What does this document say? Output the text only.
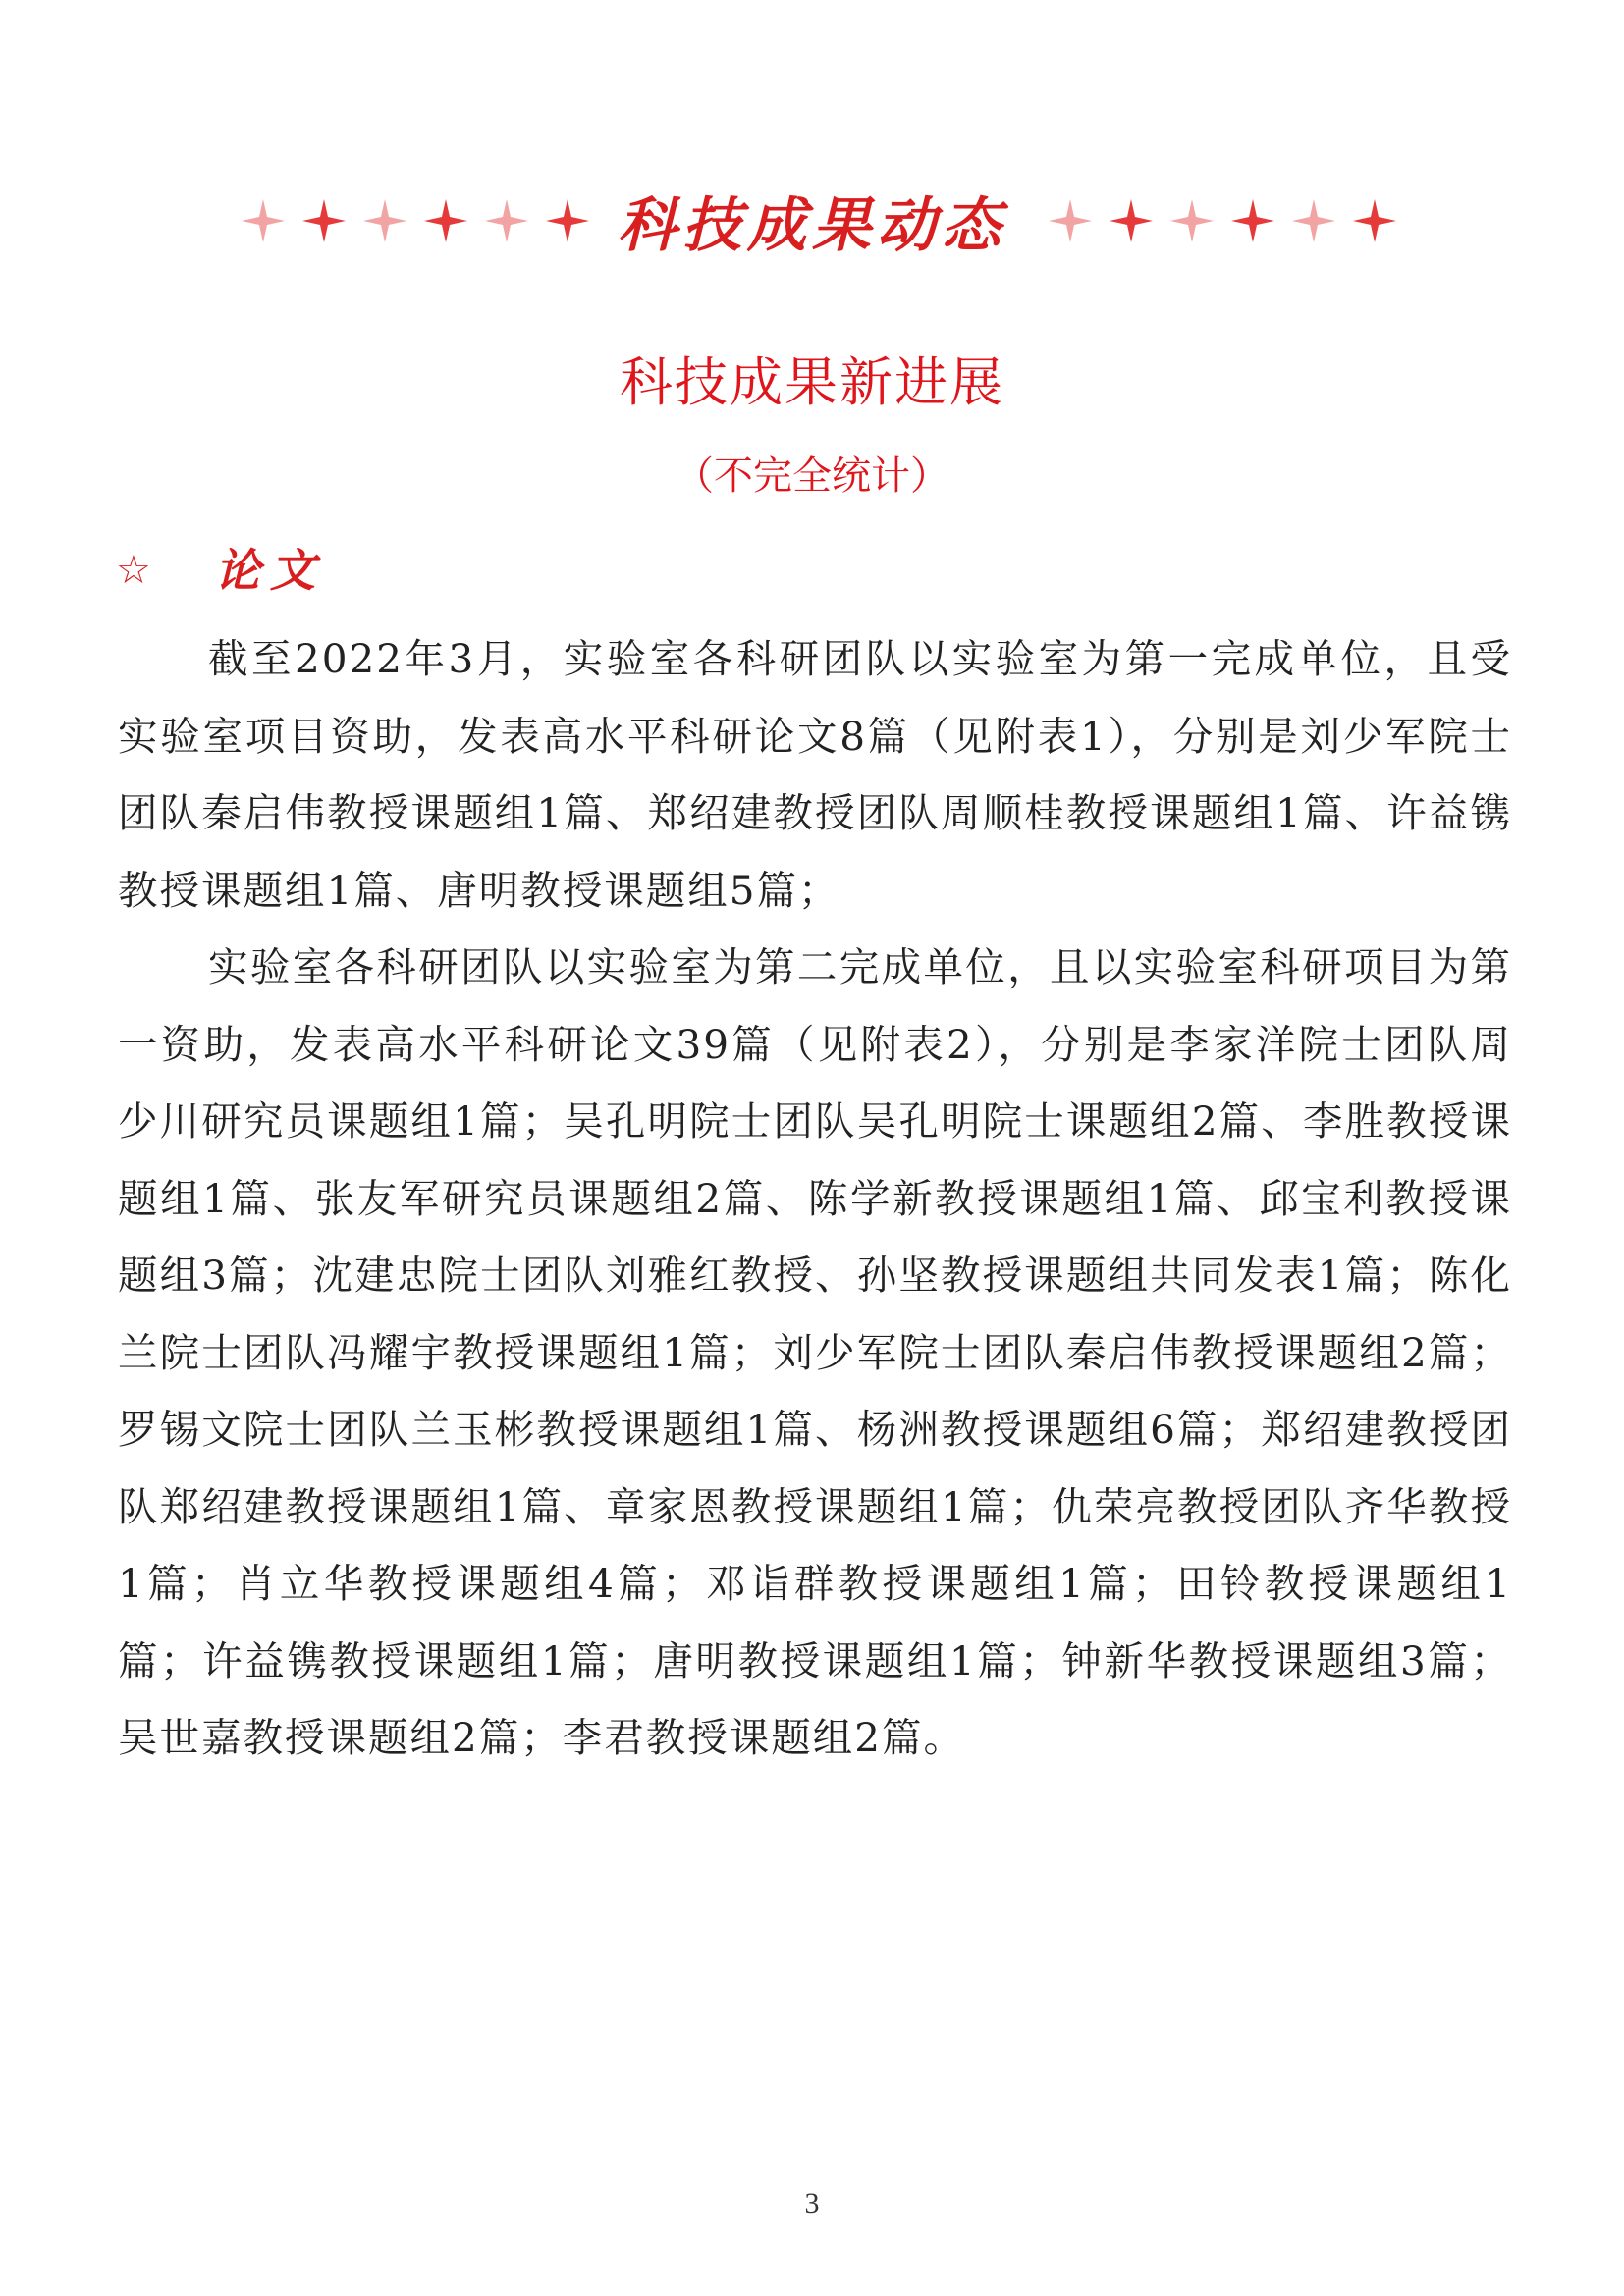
科技成果动态
科技成果新进展
（不完全统计）
☆ 论文

截至2022年3月，实验室各科研团队以实验室为第一完成单位，且受实验室项目资助，发表高水平科研论文8篇（见附表1），分别是刘少军院士团队秦启伟教授课题组1篇、郑绍建教授团队周顺桂教授课题组1篇、许益镌教授课题组1篇、唐明教授课题组5篇；

实验室各科研团队以实验室为第二完成单位，且以实验室科研项目为第一资助，发表高水平科研论文39篇（见附表2），分别是李家洋院士团队周少川研究员课题组1篇；吴孔明院士团队吴孔明院士课题组2篇、李胜教授课题组1篇、张友军研究员课题组2篇、陈学新教授课题组1篇、邱宝利教授课题组3篇；沈建忠院士团队刘雅红教授、孙坚教授课题组共同发表1篇；陈化兰院士团队冯耀宇教授课题组1篇；刘少军院士团队秦启伟教授课题组2篇；罗锡文院士团队兰玉彬教授课题组1篇、杨洲教授课题组6篇；郑绍建教授团队郑绍建教授课题组1篇、章家恩教授课题组1篇；仇荣亮教授团队齐华教授1篇；肖立华教授课题组4篇；邓诣群教授课题组1篇；田铃教授课题组1篇；许益镌教授课题组1篇；唐明教授课题组1篇；钟新华教授课题组3篇；吴世嘉教授课题组2篇；李君教授课题组2篇。

3
